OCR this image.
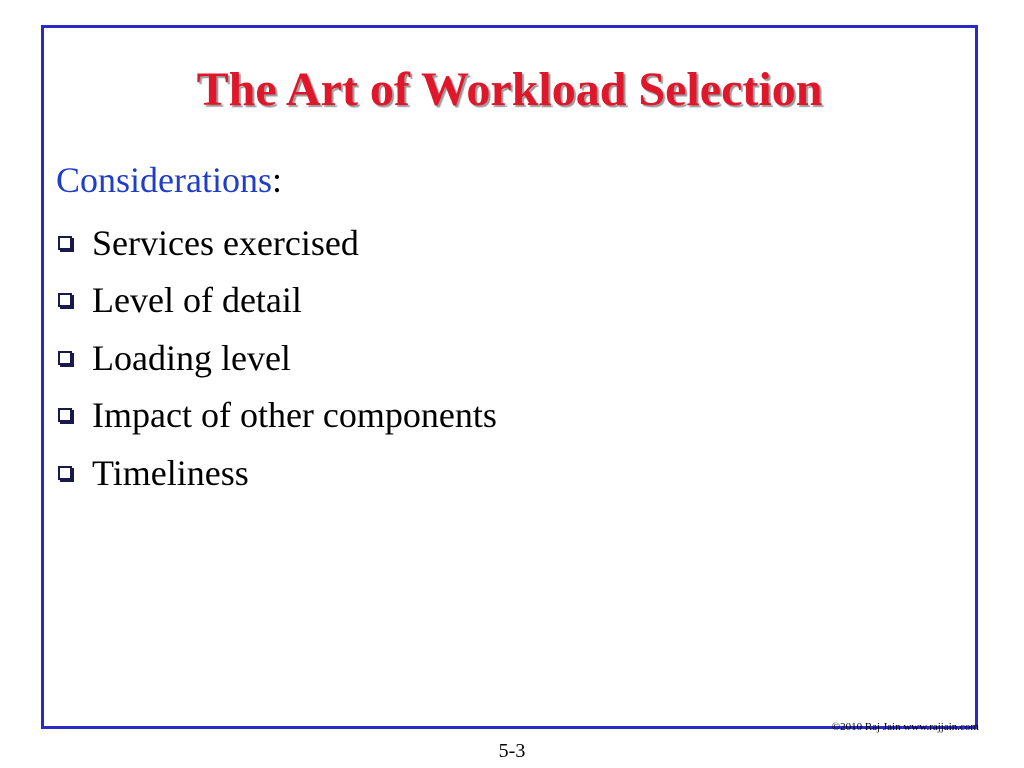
The Art of Workload Selection

Considerations:

Services exercised
Level of detail
Loading level
Impact of other components
Timeliness
©2010 Raj Jain www.rajjain.com
5-3
